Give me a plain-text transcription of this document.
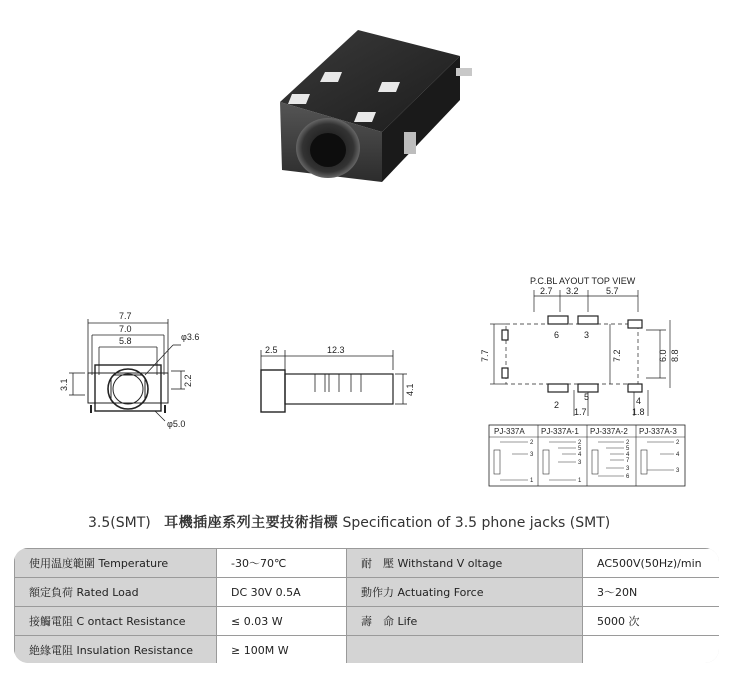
7.7
7.0
5.8	φ3.6
3.1	2.2
φ5.0
2.5	12.3
4.1
P.C.BL AYOUT TOP VIEW
2.7 3.2	5.7
7.7	7.2	6.0 8.8
6	3
2
5	4
1.7	1.8
PJ-337A PJ-337A-1 PJ-337A-2 PJ-337A-3
2
3
1
2
5
4
3
1
2
5
4
7
3
6
2
4
3
3.5(SMT) 耳機插座系列主要技術指標 Specification of 3.5 phone jacks (SMT)
使用温度範圍 Temperature	-30～70℃	耐　壓 Withstand V oltage	AC500V(50Hz)/min
額定負荷 Rated Load	DC 30V 0.5A	動作力 Actuating Force	3～20N
接觸電阻 C ontact Resistance	≤ 0.03 W	壽　命 Life	5000 次
絶緣電阻 Insulation Resistance	≥ 100M W		
